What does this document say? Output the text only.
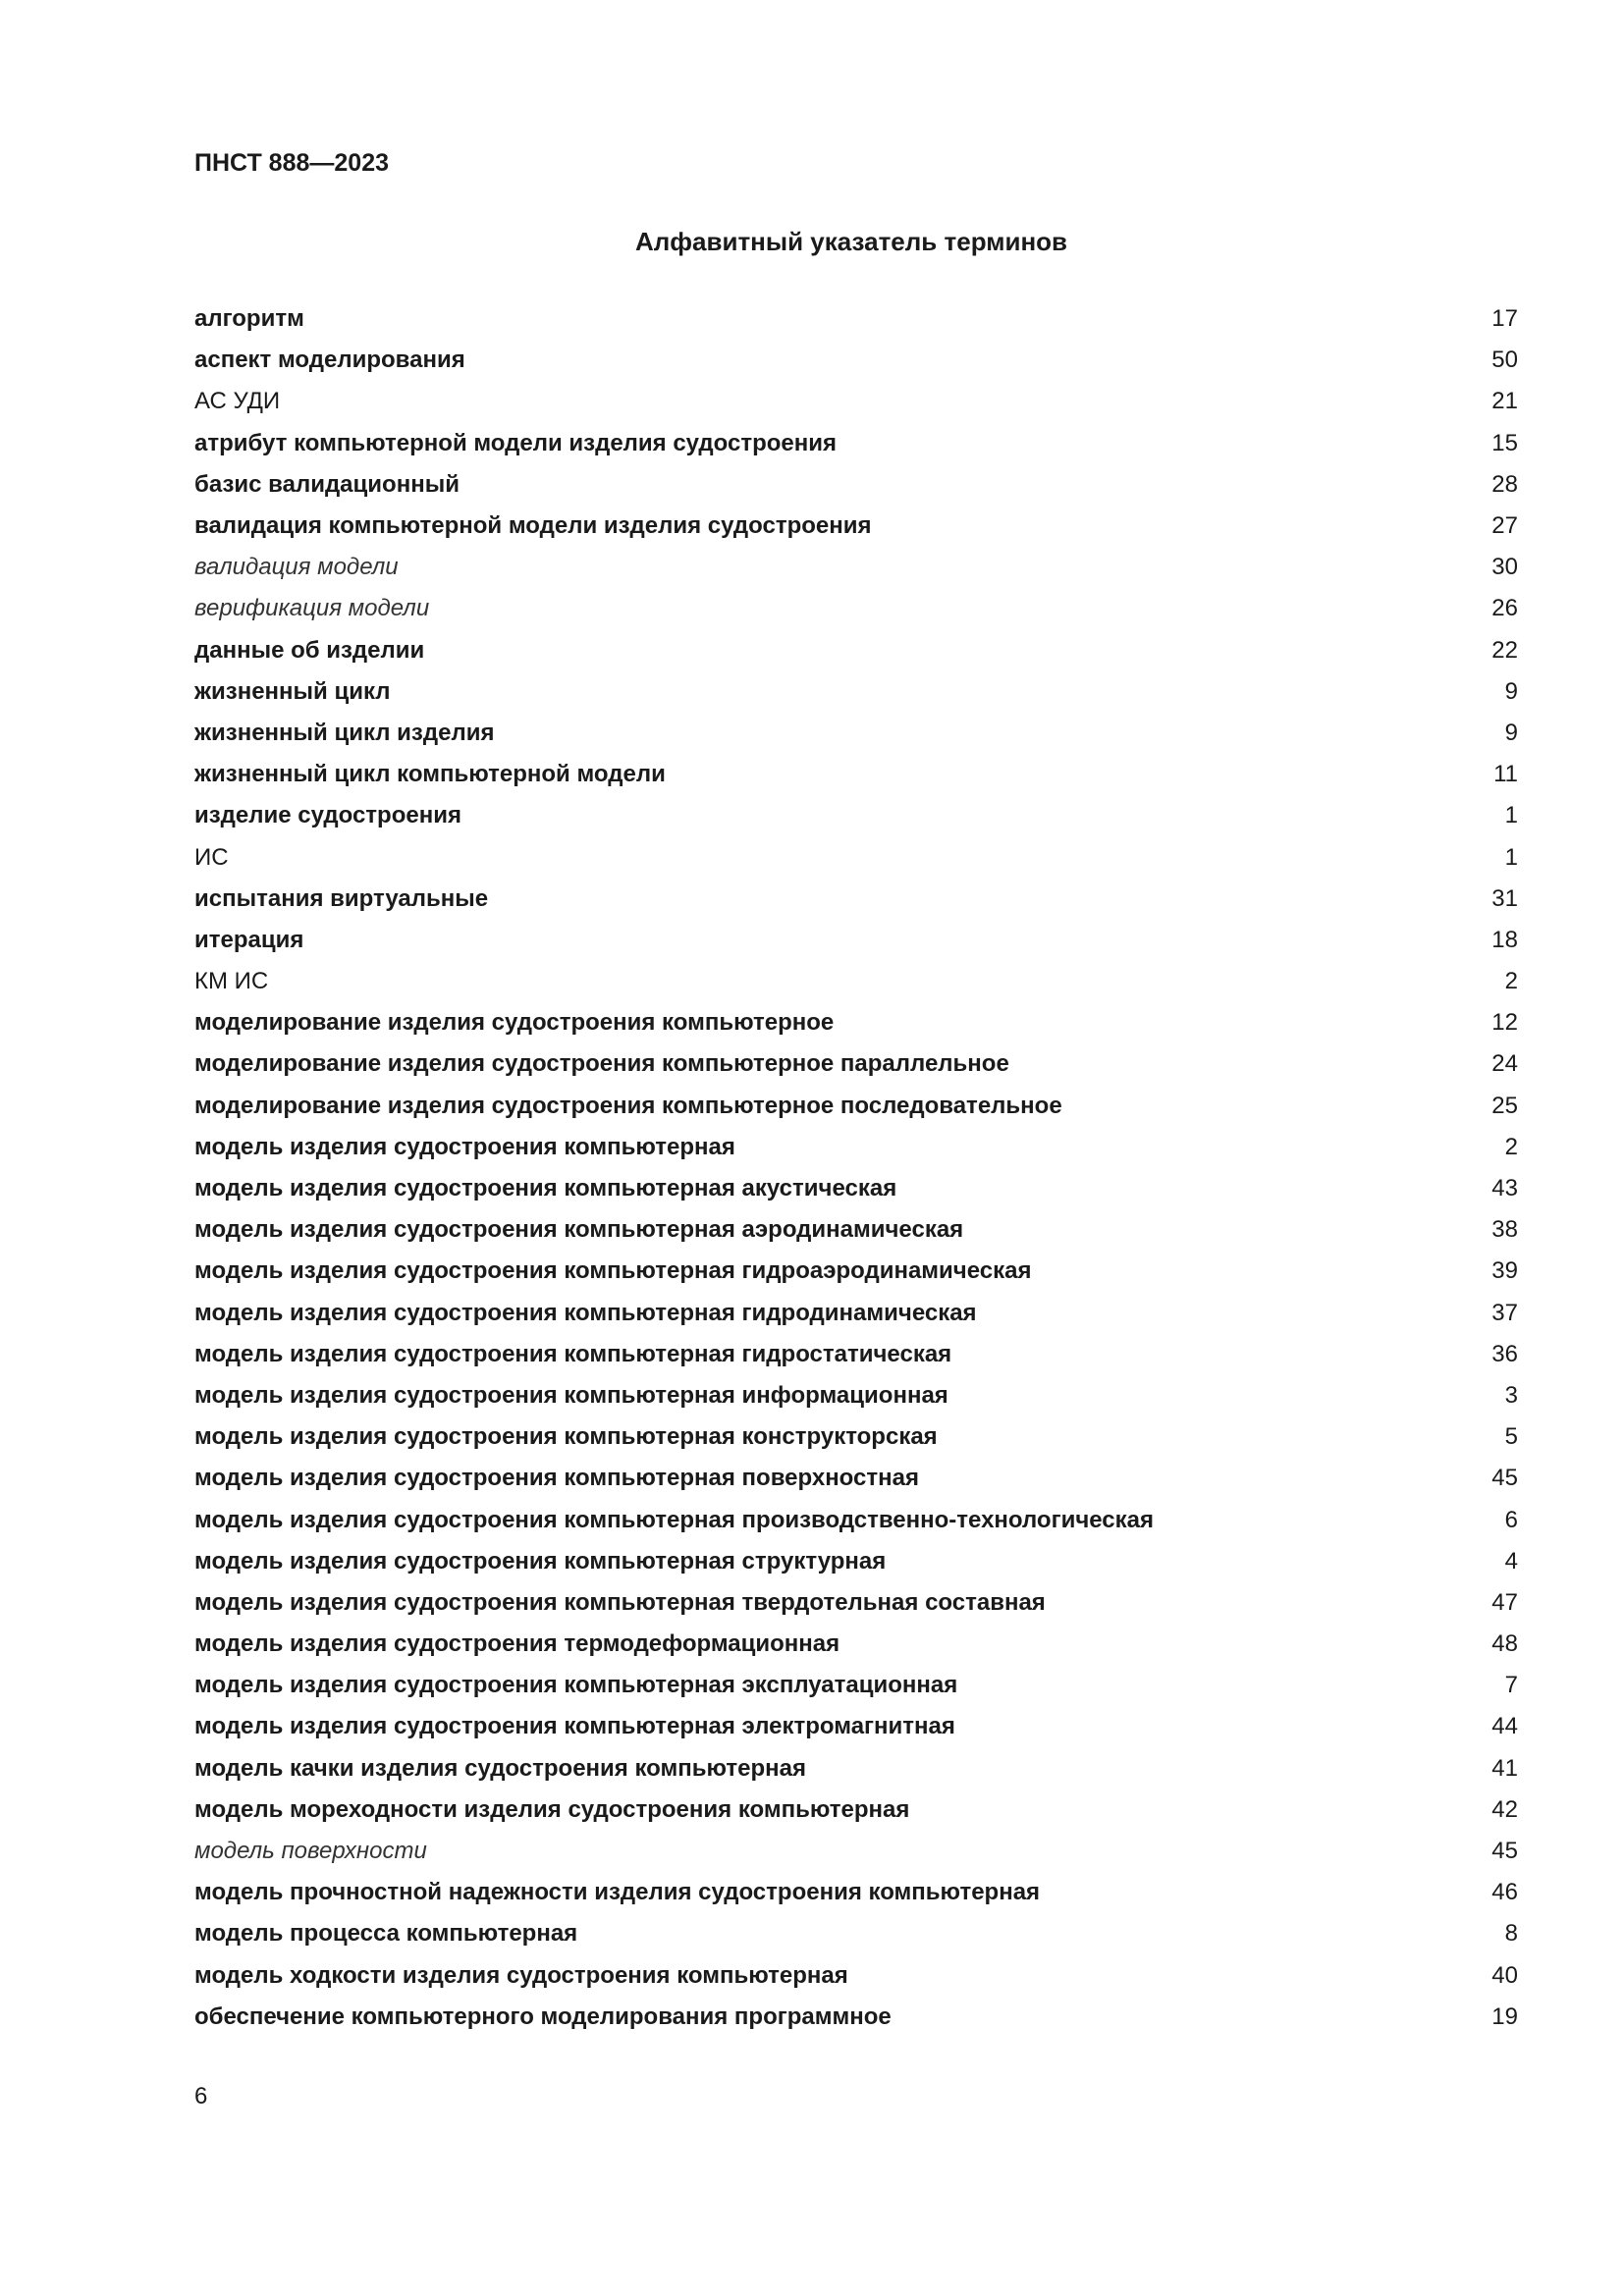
ПНСТ 888—2023

Алфавитный указатель терминов
алгоритм	17
аспект моделирования	50
АС УДИ	21
атрибут компьютерной модели изделия судостроения	15
базис валидационный	28
валидация компьютерной модели изделия судостроения	27
валидация модели	30
верификация модели	26
данные об изделии	22
жизненный цикл	9
жизненный цикл изделия	9
жизненный цикл компьютерной модели	11
изделие судостроения	1
ИС	1
испытания виртуальные	31
итерация	18
КМ ИС	2
моделирование изделия судостроения компьютерное	12
моделирование изделия судостроения компьютерное параллельное	24
моделирование изделия судостроения компьютерное последовательное	25
модель изделия судостроения компьютерная	2
модель изделия судостроения компьютерная акустическая	43
модель изделия судостроения компьютерная аэродинамическая	38
модель изделия судостроения компьютерная гидроаэродинамическая	39
модель изделия судостроения компьютерная гидродинамическая	37
модель изделия судостроения компьютерная гидростатическая	36
модель изделия судостроения компьютерная информационная	3
модель изделия судостроения компьютерная конструкторская	5
модель изделия судостроения компьютерная поверхностная	45
модель изделия судостроения компьютерная производственно-технологическая	6
модель изделия судостроения компьютерная структурная	4
модель изделия судостроения компьютерная твердотельная составная	47
модель изделия судостроения термодеформационная	48
модель изделия судостроения компьютерная эксплуатационная	7
модель изделия судостроения компьютерная электромагнитная	44
модель качки изделия судостроения компьютерная	41
модель мореходности изделия судостроения компьютерная	42
модель поверхности	45
модель прочностной надежности изделия судостроения компьютерная	46
модель процесса компьютерная	8
модель ходкости изделия судостроения компьютерная	40
обеспечение компьютерного моделирования программное	19

6
